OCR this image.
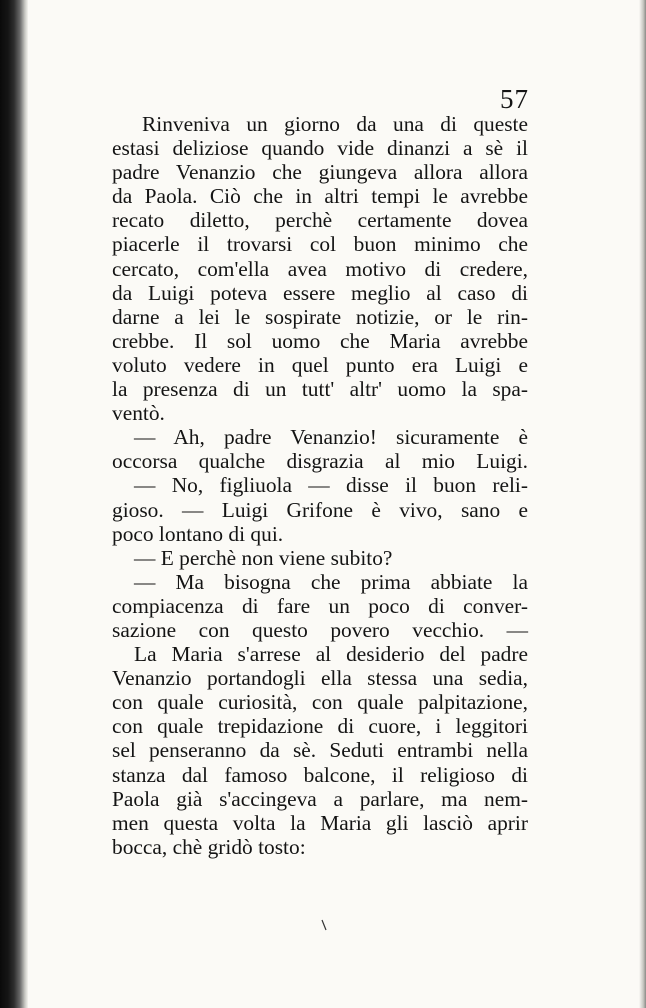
57
Rinveniva un giorno da una di queste
estasi deliziose quando vide dinanzi a sè il
padre Venanzio che giungeva allora allora
da Paola. Ciò che in altri tempi le avrebbe
recato diletto, perchè certamente dovea
piacerle il trovarsi col buon minimo che
cercato, com'ella avea motivo di credere,
da Luigi poteva essere meglio al caso di
darne a lei le sospirate notizie, or le rin-
crebbe. Il sol uomo che Maria avrebbe
voluto vedere in quel punto era Luigi e
la presenza di un tutt' altr' uomo la spa-
ventò.
— Ah, padre Venanzio! sicuramente è
occorsa qualche disgrazia al mio Luigi.
— No, figliuola — disse il buon reli-
gioso. — Luigi Grifone è vivo, sano e
poco lontano di qui.
— E perchè non viene subito?
— Ma bisogna che prima abbiate la
compiacenza di fare un poco di conver-
sazione con questo povero vecchio. —
La Maria s'arrese al desiderio del padre
Venanzio portandogli ella stessa una sedia,
con quale curiosità, con quale palpitazione,
con quale trepidazione di cuore, i leggitori
sel penseranno da sè. Seduti entrambi nella
stanza dal famoso balcone, il religioso di
Paola già s'accingeva a parlare, ma nem-
men questa volta la Maria gli lasciò aprir
bocca, chè gridò tosto:
